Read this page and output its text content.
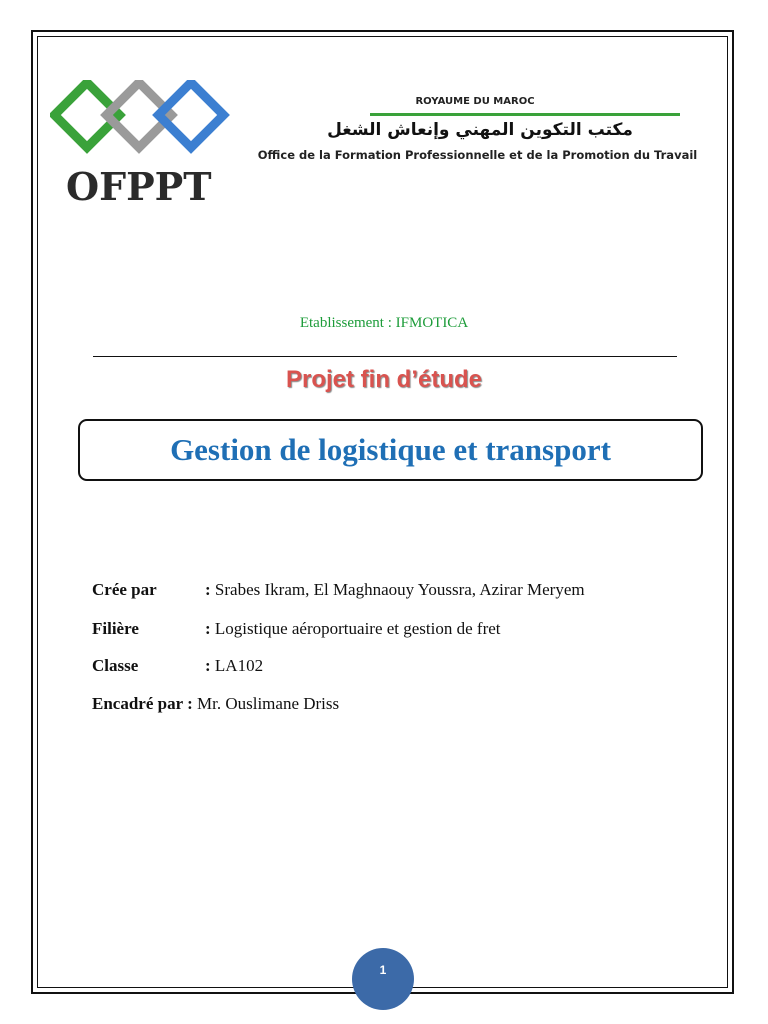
OFPPT
ROYAUME DU MAROC
مكتب التكوين المهني وإنعاش الشغل
Office de la Formation Professionnelle et de la Promotion du Travail
Etablissement : IFMOTICA
Projet fin d’étude
Gestion de logistique et transport
Crée par	: Srabes Ikram, El Maghnaouy Youssra, Azirar Meryem
Filière	: Logistique aéroportuaire et gestion de fret
Classe	: LA102
Encadré par : Mr. Ouslimane Driss
1
